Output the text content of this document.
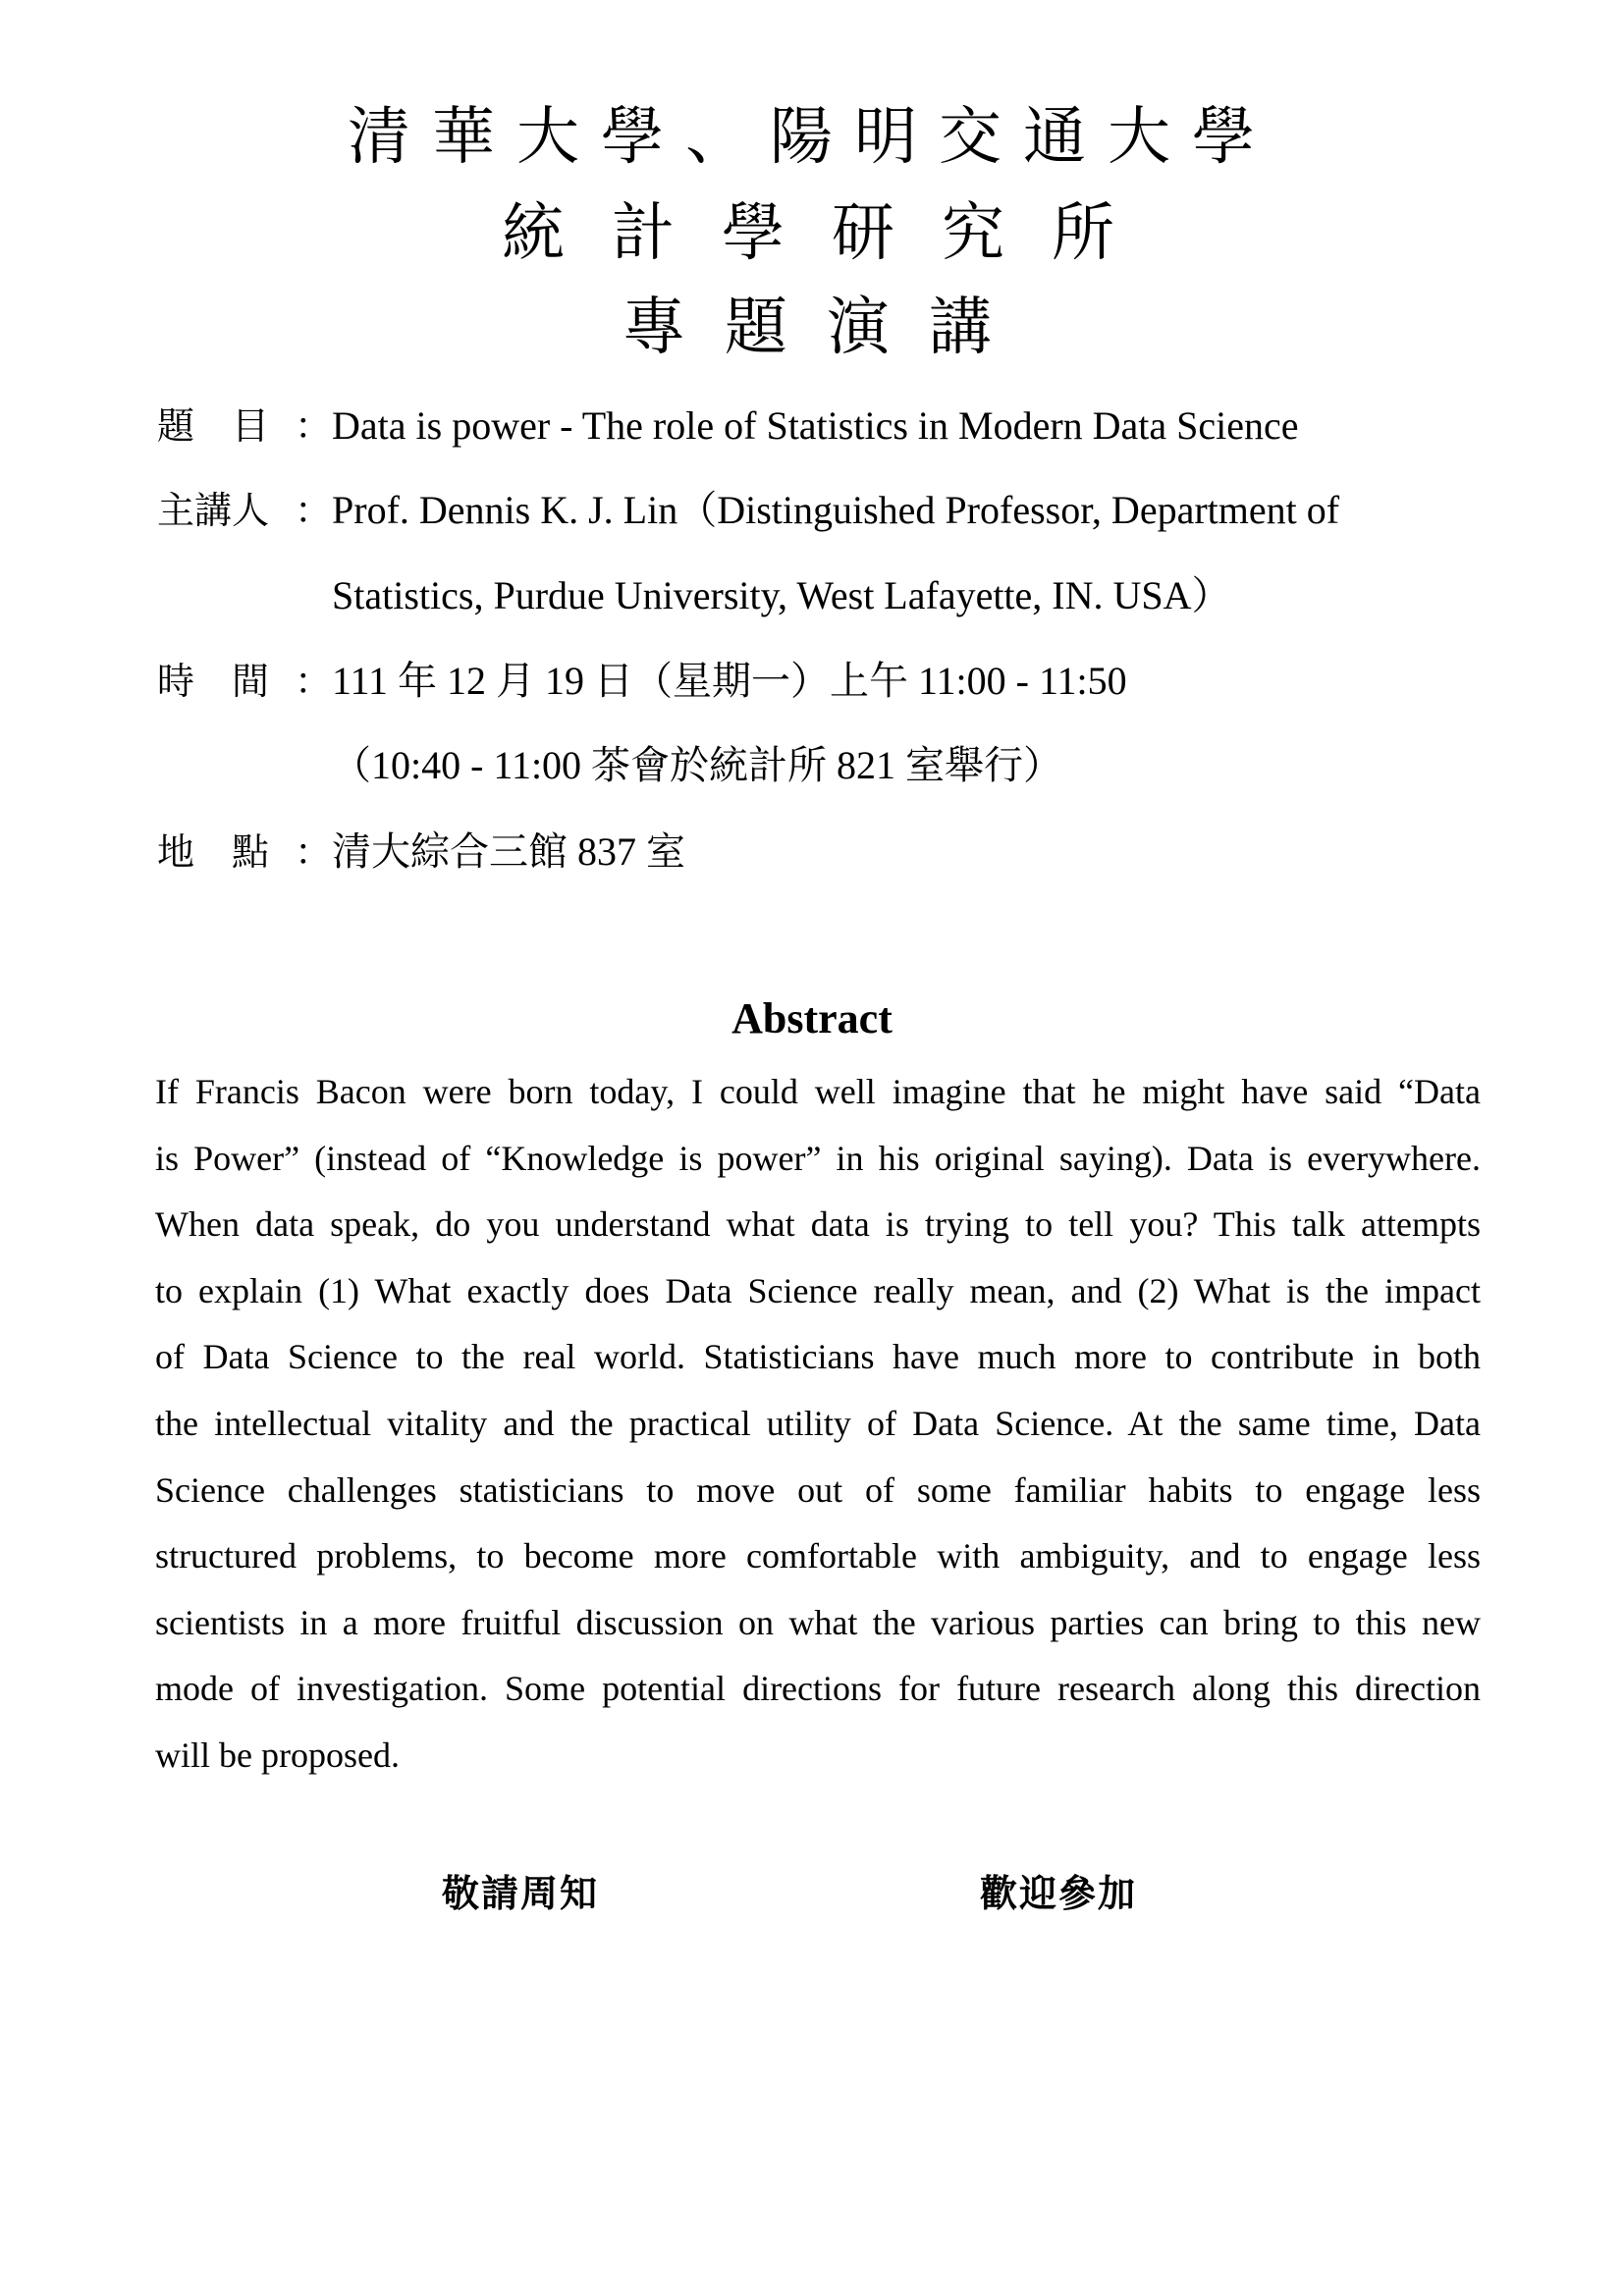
清華大學、陽明交通大學
統計學研究所
專題演講
題　目 Data is power - The role of Statistics in Modern Data Science
：
主講人 Prof. Dennis K. J. Lin（Distinguished Professor, Department of
：
Statistics, Purdue University, West Lafayette, IN. USA）
時　間 111 年 12 月 19 日（星期一）上午 11:00 - 11:50
：
（10:40 - 11:00 茶會於統計所 821 室舉行）
地　點 清大綜合三館 837 室
：
Abstract
If Francis Bacon were born today, I could well imagine that he might have said “Data
is Power” (instead of “Knowledge is power” in his original saying). Data is everywhere.
When data speak, do you understand what data is trying to tell you? This talk attempts
to explain (1) What exactly does Data Science really mean, and (2) What is the impact
of Data Science to the real world. Statisticians have much more to contribute in both
the intellectual vitality and the practical utility of Data Science. At the same time, Data
Science challenges statisticians to move out of some familiar habits to engage less
structured problems, to become more comfortable with ambiguity, and to engage less
scientists in a more fruitful discussion on what the various parties can bring to this new
mode of investigation. Some potential directions for future research along this direction
will be proposed.
敬請周知	歡迎參加
